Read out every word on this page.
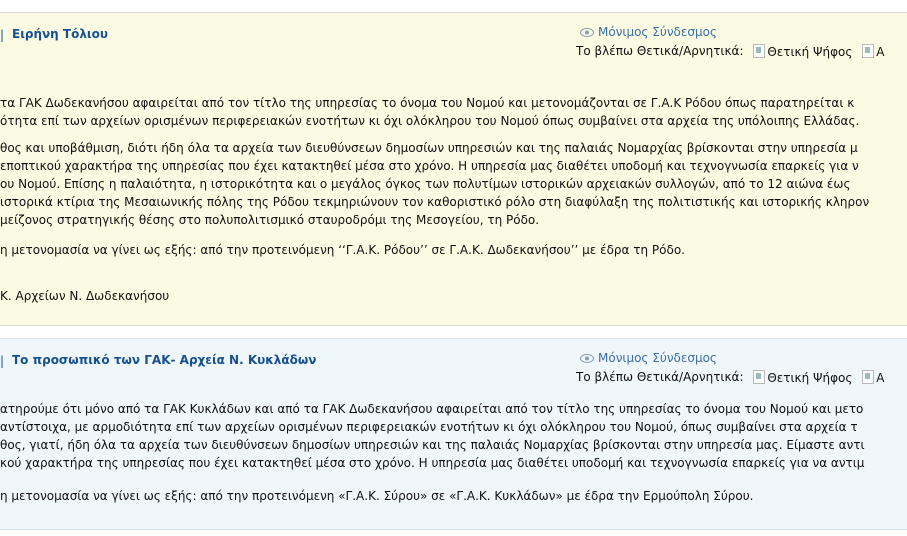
| Ειρήνη Τόλιου	Μόνιμος Σύνδεσμος
Το βλέπω Θετικά/Αρνητικά: Θετική Ψήφος Α

τα ΓΑΚ Δωδεκανήσου αφαιρείται από τον τίτλο της υπηρεσίας το όνομα του Νομού και μετονομάζονται σε Γ.Α.Κ Ρόδου όπως παρατηρείται κ

ότητα επί των αρχείων ορισμένων περιφερειακών ενοτήτων κι όχι ολόκληρου του Νομού όπως συμβαίνει στα αρχεία της υπόλοιπης Ελλάδας.

θος και υποβάθμιση, διότι ήδη όλα τα αρχεία των διευθύνσεων δημοσίων υπηρεσιών και της παλαιάς Νομαρχίας βρίσκονται στην υπηρεσία μ

εποπτικού χαρακτήρα της υπηρεσίας που έχει κατακτηθεί μέσα στο χρόνο. Η υπηρεσία μας διαθέτει υποδομή και τεχνογνωσία επαρκείς για ν

ου Νομού. Επίσης η παλαιότητα, η ιστορικότητα και ο μεγάλος όγκος των πολυτίμων ιστορικών αρχειακών συλλογών, από το 12 αιώνα έως

ιστορικά κτίρια της Μεσαιωνικής πόλης της Ρόδου τεκμηριώνουν τον καθοριστικό ρόλο στη διαφύλαξη της πολιτιστικής και ιστορικής κληρον

μείζονος στρατηγικής θέσης στο πολυπολιτισμικό σταυροδρόμι της Μεσογείου, τη Ρόδο.

η μετονομασία να γίνει ως εξής: από την προτεινόμενη ‘‘Γ.Α.Κ. Ρόδου’’ σε Γ.Α.Κ. Δωδεκανήσου’’ με έδρα τη Ρόδο.

Κ. Αρχείων Ν. Δωδεκανήσου

| Το προσωπικό των ΓΑΚ- Αρχεία Ν. Κυκλάδων	Μόνιμος Σύνδεσμος
Το βλέπω Θετικά/Αρνητικά: Θετική Ψήφος Α

ατηρούμε ότι μόνο από τα ΓΑΚ Κυκλάδων και από τα ΓΑΚ Δωδεκανήσου αφαιρείται από τον τίτλο της υπηρεσίας το όνομα του Νομού και μετο

αντίστοιχα, με αρμοδιότητα επί των αρχείων ορισμένων περιφερειακών ενοτήτων κι όχι ολόκληρου του Νομού, όπως συμβαίνει στα αρχεία τ

θος, γιατί, ήδη όλα τα αρχεία των διευθύνσεων δημοσίων υπηρεσιών και της παλαιάς Νομαρχίας βρίσκονται στην υπηρεσία μας. Είμαστε αντι

κού χαρακτήρα της υπηρεσίας που έχει κατακτηθεί μέσα στο χρόνο. Η υπηρεσία μας διαθέτει υποδομή και τεχνογνωσία επαρκείς για να αντιμ

η μετονομασία να γίνει ως εξής: από την προτεινόμενη «Γ.Α.Κ. Σύρου» σε «Γ.Α.Κ. Κυκλάδων» με έδρα την Ερμούπολη Σύρου.
